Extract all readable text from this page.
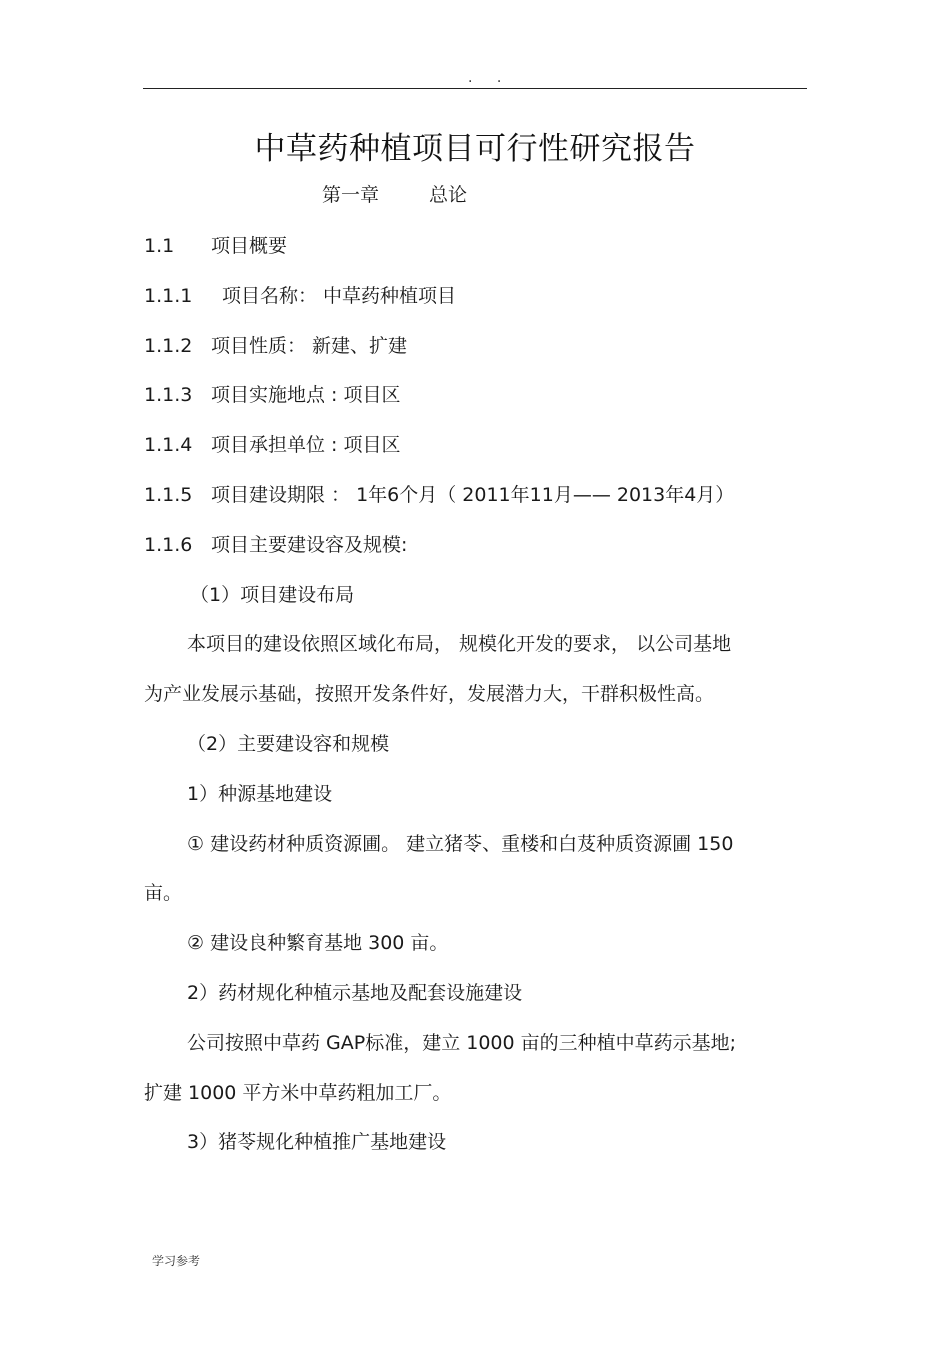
. .
中草药种植项目可行性研究报告
第一章	总论
1.1 项目概要
1.1.1 项目名称： 中草药种植项目
1.1.2 项目性质： 新建、扩建
1.1.3 项目实施地点 : 项目区
1.1.4 项目承担单位 : 项目区
1.1.5 项目建设期限 ： 1年6个月（ 2011年11月—— 2013年4月）
1.1.6 项目主要建设容及规模:
（1）项目建设布局
本项目的建设依照区域化布局， 规模化开发的要求， 以公司基地
为产业发展示基础，按照开发条件好，发展潜力大，干群积极性高。
（2）主要建设容和规模
1）种源基地建设
① 建设药材种质资源圃。 建立猪苓、重楼和白芨种质资源圃 150
亩。
② 建设良种繁育基地 300 亩。
2）药材规化种植示基地及配套设施建设
公司按照中草药 GAP标准，建立 1000 亩的三种植中草药示基地;
扩建 1000 平方米中草药粗加工厂。
3）猪苓规化种植推广基地建设
学习参考
